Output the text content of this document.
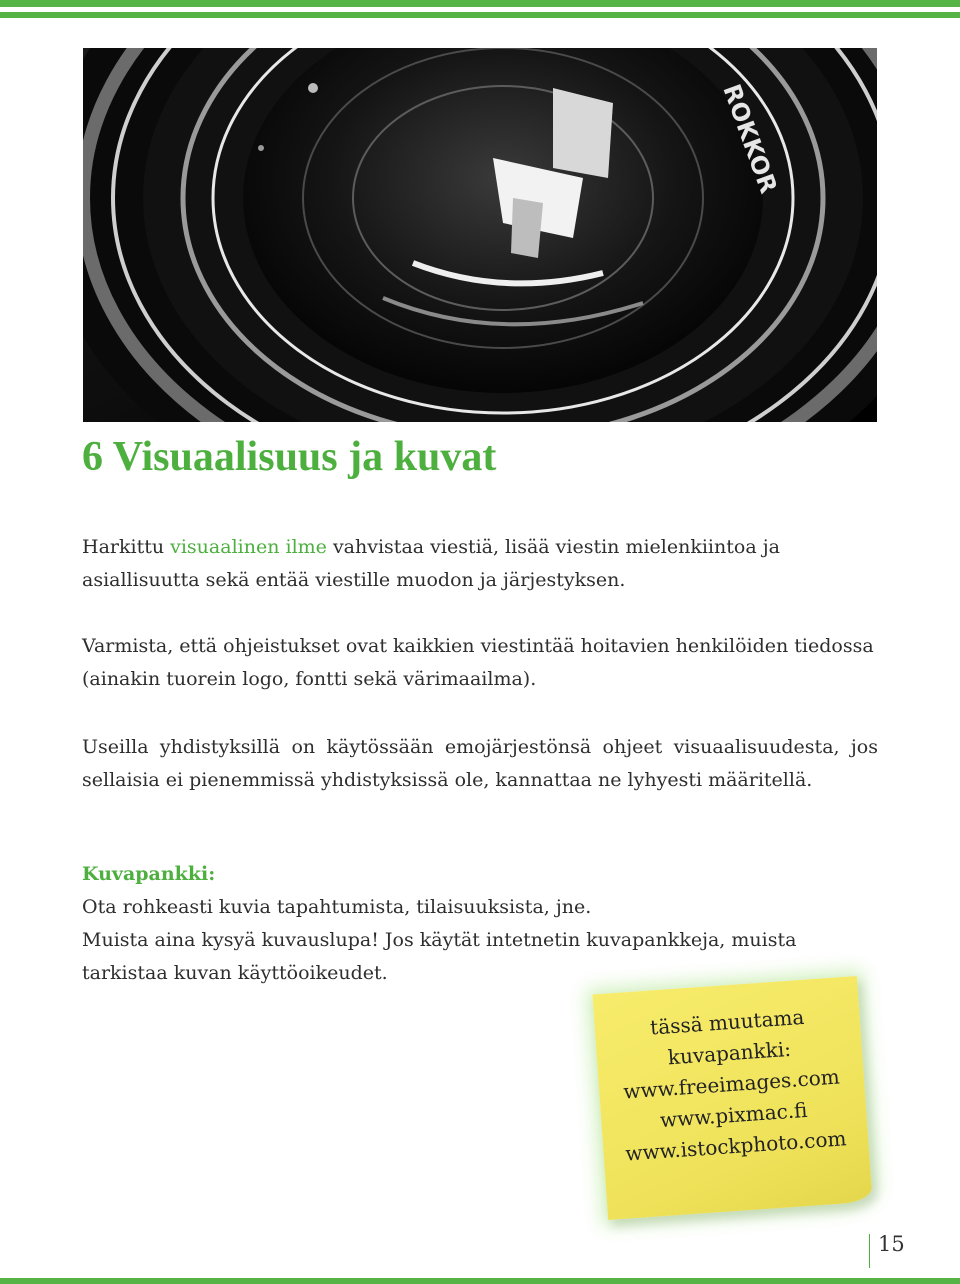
ROKKOR
6 Visuaalisuus ja kuvat

Harkittu visuaalinen ilme vahvistaa viestiä, lisää viestin mielenkiintoa ja asiallisuutta sekä entää viestille muodon ja järjestyksen.

Varmista, että ohjeistukset ovat kaikkien viestintää hoitavien henkilöiden tiedossa (ainakin tuorein logo, fontti sekä värimaailma).

Useilla yhdistyksillä on käytössään emojärjestönsä ohjeet visuaalisuudesta, jos sellaisia ei pienemmissä yhdistyksissä ole, kannattaa ne lyhyesti määritellä.

Kuvapankki:
Ota rohkeasti kuvia tapahtumista, tilaisuuksista, jne.
Muista aina kysyä kuvauslupa! Jos käytät intetnetin kuvapankkeja, muista tarkistaa kuvan käyttöoikeudet.

tässä muutama
kuvapankki:
www.freeimages.com
www.pixmac.fi
www.istockphoto.com
15
